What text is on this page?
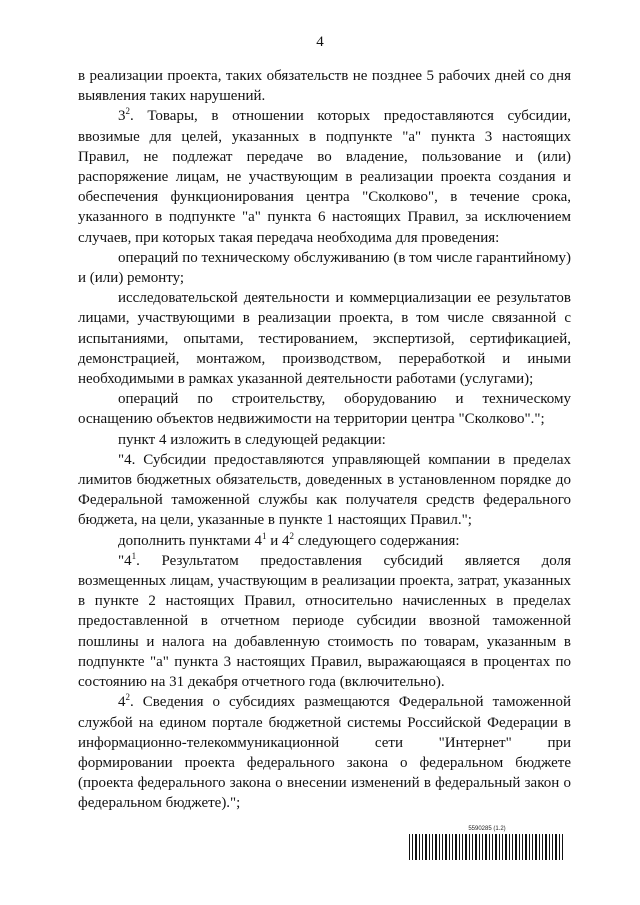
4

в реализации проекта, таких обязательств не позднее 5 рабочих дней со дня выявления таких нарушений.

$3^2$. Товары, в отношении которых предоставляются субсидии, ввозимые для целей, указанных в подпункте "а" пункта 3 настоящих Правил, не подлежат передаче во владение, пользование и (или) распоряжение лицам, не участвующим в реализации проекта создания и обеспечения функционирования центра "Сколково", в течение срока, указанного в подпункте "а" пункта 6 настоящих Правил, за исключением случаев, при которых такая передача необходима для проведения:

операций по техническому обслуживанию (в том числе гарантийному) и (или) ремонту;

исследовательской деятельности и коммерциализации ее результатов лицами, участвующими в реализации проекта, в том числе связанной с испытаниями, опытами, тестированием, экспертизой, сертификацией, демонстрацией, монтажом, производством, переработкой и иными необходимыми в рамках указанной деятельности работами (услугами);

операций по строительству, оборудованию и техническому оснащению объектов недвижимости на территории центра "Сколково".";

пункт 4 изложить в следующей редакции:

"4. Субсидии предоставляются управляющей компании в пределах лимитов бюджетных обязательств, доведенных в установленном порядке до Федеральной таможенной службы как получателя средств федерального бюджета, на цели, указанные в пункте 1 настоящих Правил.";

дополнить пунктами $4^1$ и $4^2$ следующего содержания:

"$4^1$. Результатом предоставления субсидий является доля возмещенных лицам, участвующим в реализации проекта, затрат, указанных в пункте 2 настоящих Правил, относительно начисленных в пределах предоставленной в отчетном периоде субсидии ввозной таможенной пошлины и налога на добавленную стоимость по товарам, указанным в подпункте "а" пункта 3 настоящих Правил, выражающаяся в процентах по состоянию на 31 декабря отчетного года (включительно).

$4^2$. Сведения о субсидиях размещаются Федеральной таможенной службой на едином портале бюджетной системы Российской Федерации в информационно-телекоммуникационной сети "Интернет" при формировании проекта федерального закона о федеральном бюджете (проекта федерального закона о внесении изменений в федеральный закон о федеральном бюджете).";

5590285 (1.2)
